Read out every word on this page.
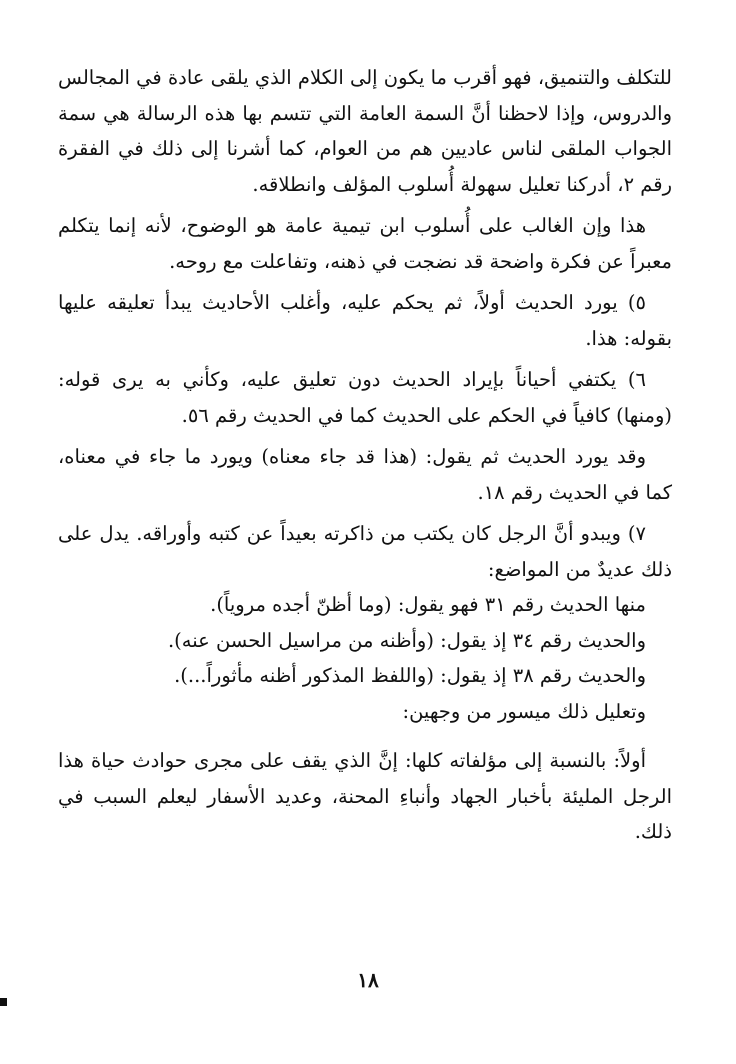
للتكلف والتنميق، فهو أقرب ما يكون إلى الكلام الذي يلقى عادة في المجالس والدروس، وإذا لاحظنا أنَّ السمة العامة التي تتسم بها هذه الرسالة هي سمة الجواب الملقى لناس عاديين هم من العوام، كما أشرنا إلى ذلك في الفقرة رقم ٢، أدركنا تعليل سهولة أُسلوب المؤلف وانطلاقه.

هذا وإن الغالب على أُسلوب ابن تيمية عامة هو الوضوح، لأنه إنما يتكلم معبراً عن فكرة واضحة قد نضجت في ذهنه، وتفاعلت مع روحه.

٥) يورد الحديث أولاً، ثم يحكم عليه، وأغلب الأحاديث يبدأ تعليقه عليها بقوله: هذا.

٦) يكتفي أحياناً بإيراد الحديث دون تعليق عليه، وكأني به يرى قوله: (ومنها) كافياً في الحكم على الحديث كما في الحديث رقم ٥٦.

وقد يورد الحديث ثم يقول: (هذا قد جاء معناه) ويورد ما جاء في معناه، كما في الحديث رقم ١٨.

٧) ويبدو أنَّ الرجل كان يكتب من ذاكرته بعيداً عن كتبه وأوراقه. يدل على ذلك عديدٌ من المواضع:

منها الحديث رقم ٣١ فهو يقول: (وما أظنّ أجده مروياً).

والحديث رقم ٣٤ إذ يقول: (وأظنه من مراسيل الحسن عنه).

والحديث رقم ٣٨ إذ يقول: (واللفظ المذكور أظنه مأثوراً...).

وتعليل ذلك ميسور من وجهين:

أولاً: بالنسبة إلى مؤلفاته كلها: إنَّ الذي يقف على مجرى حوادث حياة هذا الرجل المليئة بأخبار الجهاد وأنباءِ المحنة، وعديد الأسفار ليعلم السبب في ذلك.

١٨
